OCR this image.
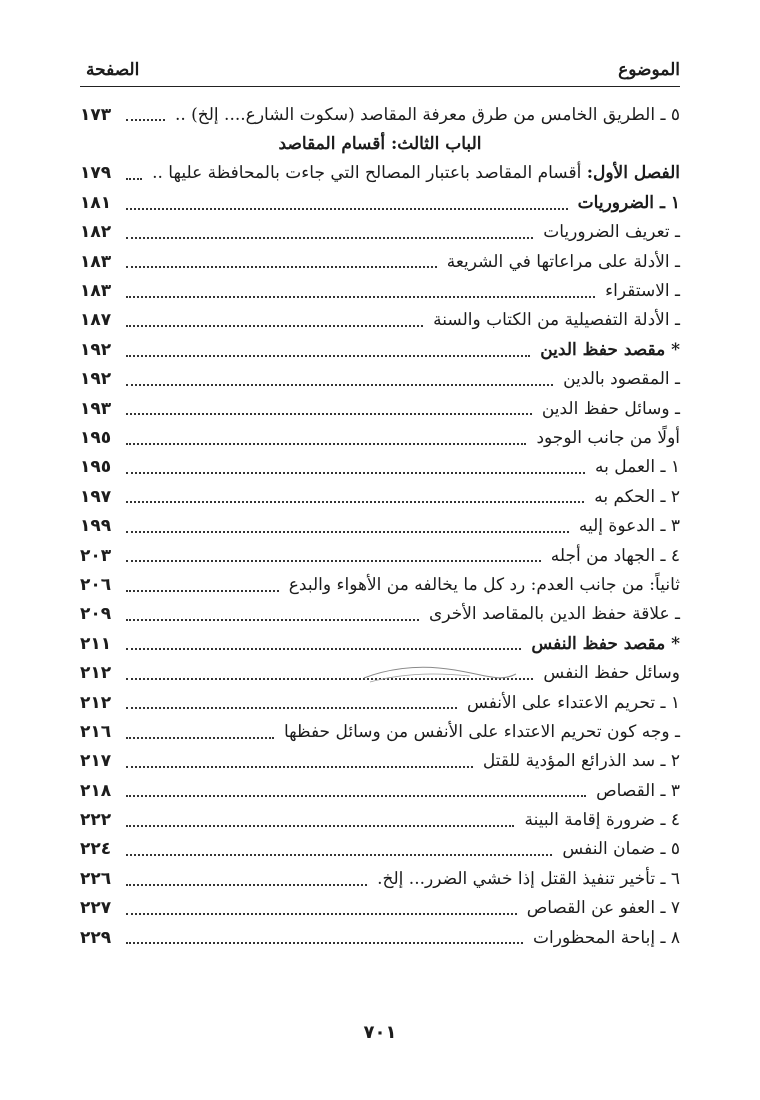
الموضوع
الصفحة
٥ ـ الطريق الخامس من طرق معرفة المقاصد (سكوت الشارع.... إلخ) ..
١٧٣
الباب الثالث: أقسام المقاصد
الفصل الأول: أقسام المقاصد باعتبار المصالح التي جاءت بالمحافظة عليها ..
١٧٩
١ ـ الضروريات
١٨١
ـ تعريف الضروريات
١٨٢
ـ الأدلة على مراعاتها في الشريعة
١٨٣
ـ الاستقراء
١٨٣
ـ الأدلة التفصيلية من الكتاب والسنة
١٨٧
* مقصد حفظ الدين
١٩٢
ـ المقصود بالدين
١٩٢
ـ وسائل حفظ الدين
١٩٣
أولًا من جانب الوجود
١٩٥
١ ـ العمل به
١٩٥
٢ ـ الحكم به
١٩٧
٣ ـ الدعوة إليه
١٩٩
٤ ـ الجهاد من أجله
٢٠٣
ثانياً: من جانب العدم: رد كل ما يخالفه من الأهواء والبدع
٢٠٦
ـ علاقة حفظ الدين بالمقاصد الأخرى
٢٠٩
* مقصد حفظ النفس
٢١١
وسائل حفظ النفس
٢١٢
١ ـ تحريم الاعتداء على الأنفس
٢١٢
ـ وجه كون تحريم الاعتداء على الأنفس من وسائل حفظها
٢١٦
٢ ـ سد الذرائع المؤدية للقتل
٢١٧
٣ ـ القصاص
٢١٨
٤ ـ ضرورة إقامة البينة
٢٢٢
٥ ـ ضمان النفس
٢٢٤
٦ ـ تأخير تنفيذ القتل إذا خشي الضرر... إلخ.
٢٢٦
٧ ـ العفو عن القصاص
٢٢٧
٨ ـ إباحة المحظورات
٢٢٩
٧٠١
